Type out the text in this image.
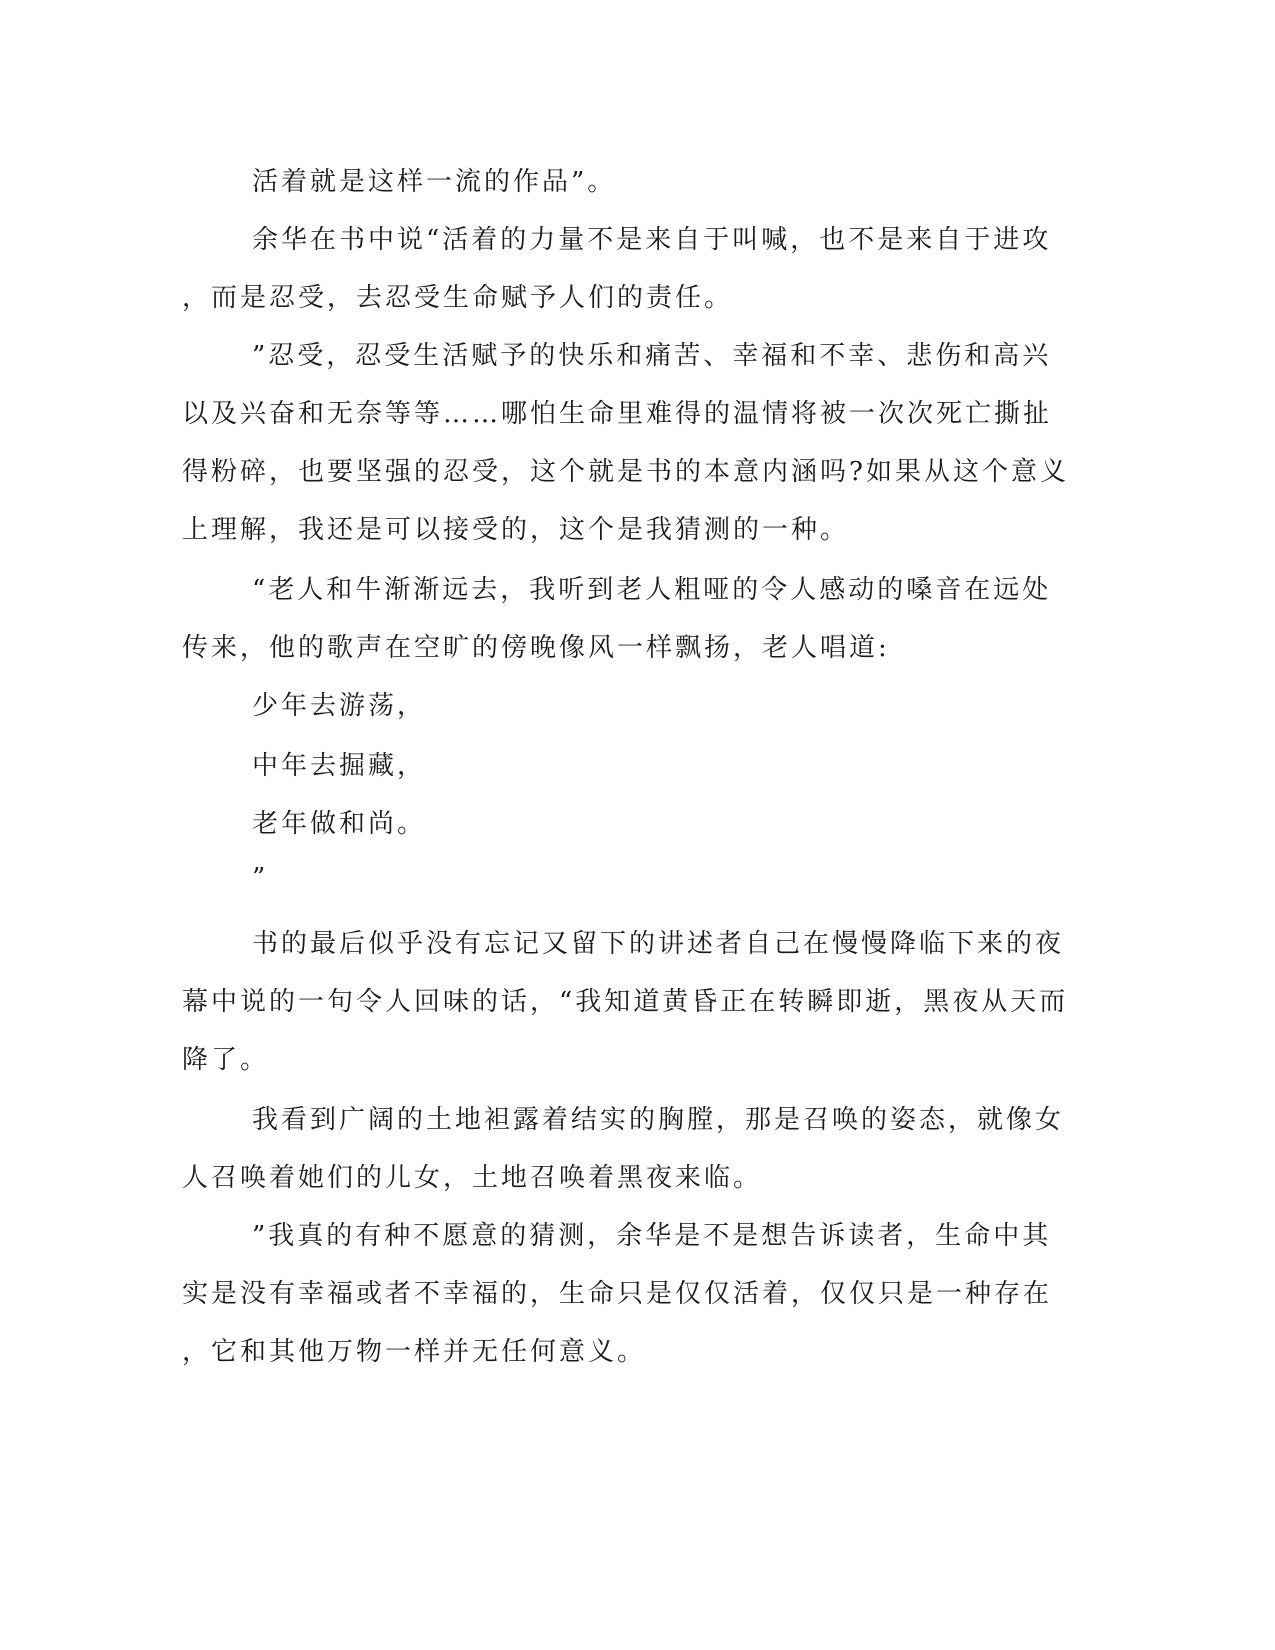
活着就是这样一流的作品”。
余华在书中说“活着的力量不是来自于叫喊，也不是来自于进攻
，而是忍受，去忍受生命赋予人们的责任。
”忍受，忍受生活赋予的快乐和痛苦、幸福和不幸、悲伤和高兴
以及兴奋和无奈等等……哪怕生命里难得的温情将被一次次死亡撕扯
得粉碎，也要坚强的忍受，这个就是书的本意内涵吗?如果从这个意义
上理解，我还是可以接受的，这个是我猜测的一种。
“老人和牛渐渐远去，我听到老人粗哑的令人感动的嗓音在远处
传来，他的歌声在空旷的傍晚像风一样飘扬，老人唱道:
少年去游荡，
中年去掘藏，
老年做和尚。
”
书的最后似乎没有忘记又留下的讲述者自己在慢慢降临下来的夜
幕中说的一句令人回味的话，“我知道黄昏正在转瞬即逝，黑夜从天而
降了。
我看到广阔的土地袒露着结实的胸膛，那是召唤的姿态，就像女
人召唤着她们的儿女，土地召唤着黑夜来临。
”我真的有种不愿意的猜测，余华是不是想告诉读者，生命中其
实是没有幸福或者不幸福的，生命只是仅仅活着，仅仅只是一种存在
，它和其他万物一样并无任何意义。
